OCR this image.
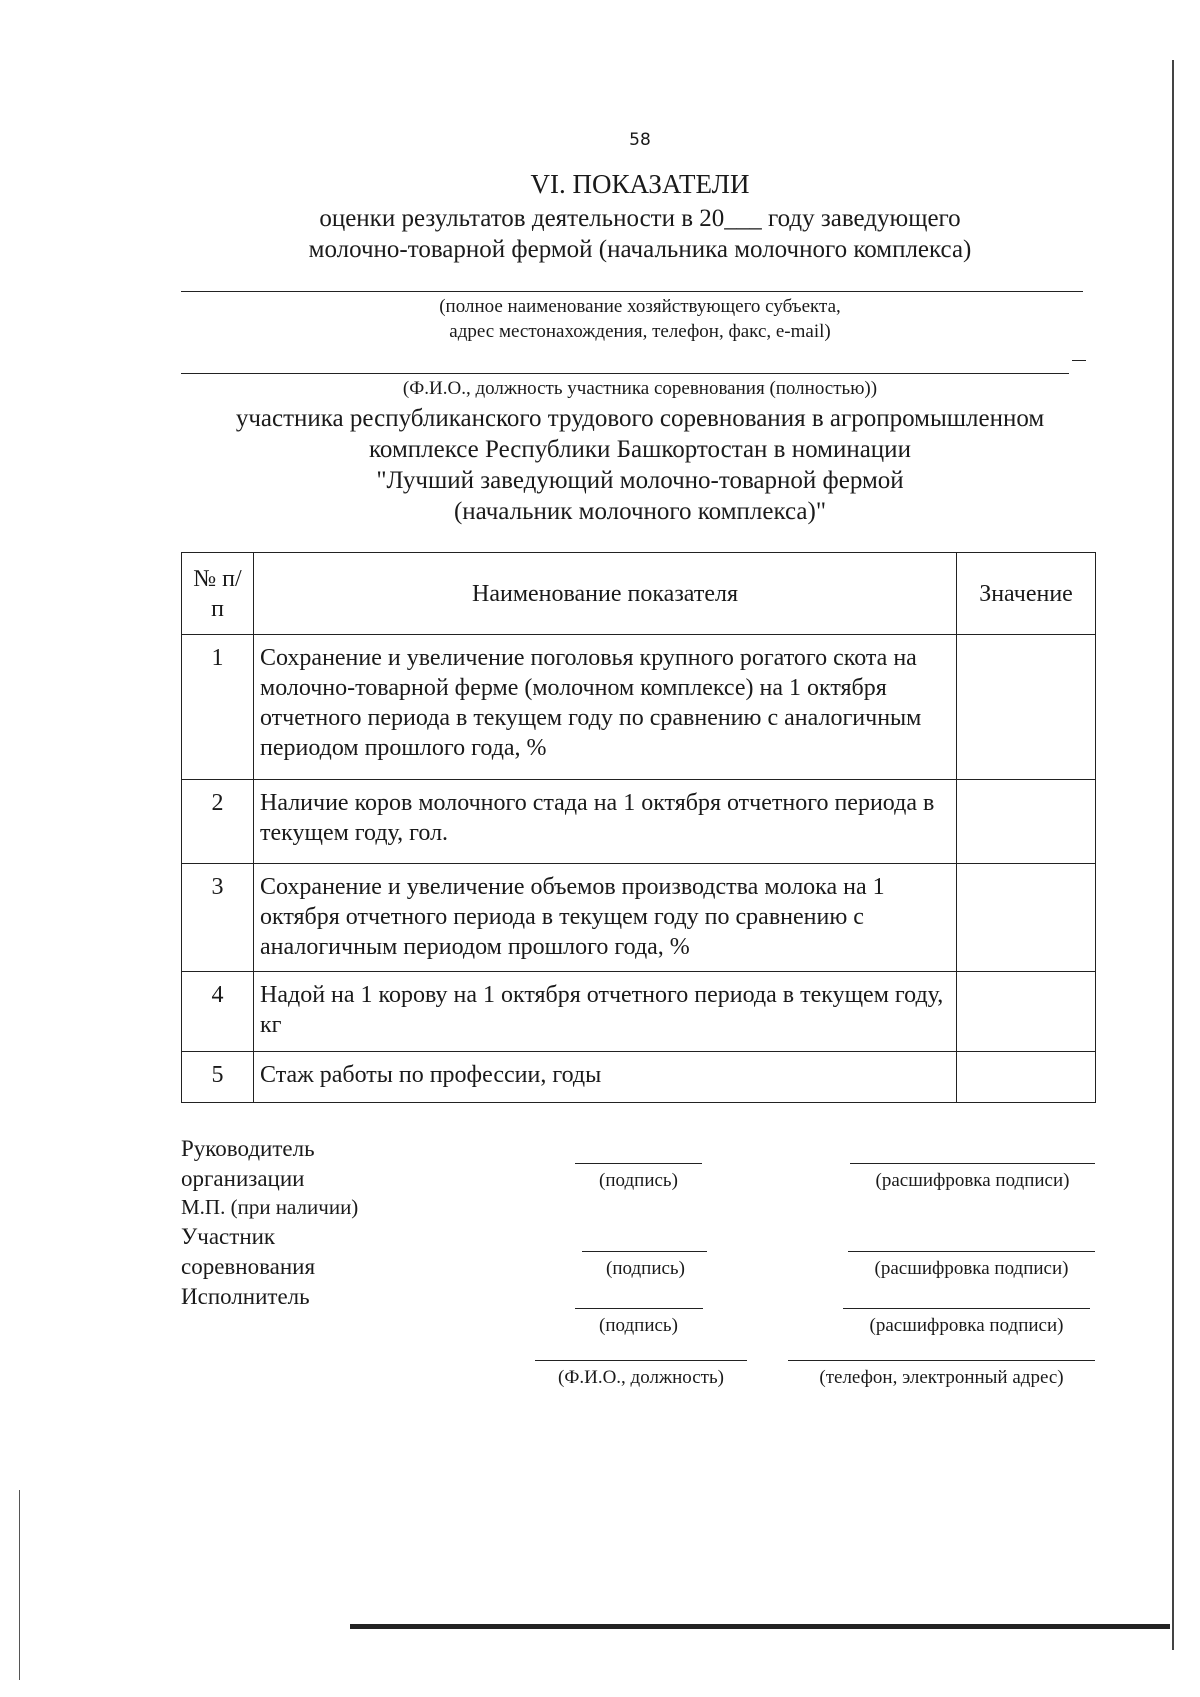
58
VI. ПОКАЗАТЕЛИ
оценки результатов деятельности в 20___ году заведующего
молочно-товарной фермой (начальника молочного комплекса)
(полное наименование хозяйствующего субъекта,
адрес местонахождения, телефон, факс, e-mail)
(Ф.И.О., должность участника соревнования (полностью))
участника республиканского трудового соревнования в агропромышленном
комплексе Республики Башкортостан в номинации
"Лучший заведующий молочно-товарной фермой
(начальник молочного комплекса)"
№ п/п	Наименование показателя	Значение
1	Сохранение и увеличение поголовья крупного рогатого скота на молочно-товарной ферме (молочном комплексе) на 1 октября отчетного периода в текущем году по сравнению с аналогичным периодом прошлого года, %	
2	Наличие коров молочного стада на 1 октября отчетного периода в текущем году, гол.	
3	Сохранение и увеличение объемов производства молока на 1 октября отчетного периода в текущем году по сравнению с аналогичным периодом прошлого года, %	
4	Надой на 1 корову на 1 октября отчетного периода в текущем году, кг	
5	Стаж работы по профессии, годы	
Руководитель
организации
М.П. (при наличии)
Участник
соревнования
Исполнитель
(подпись)	(расшифровка подписи)
(подпись)	(расшифровка подписи)
(подпись)	(расшифровка подписи)
(Ф.И.О., должность)	(телефон, электронный адрес)
